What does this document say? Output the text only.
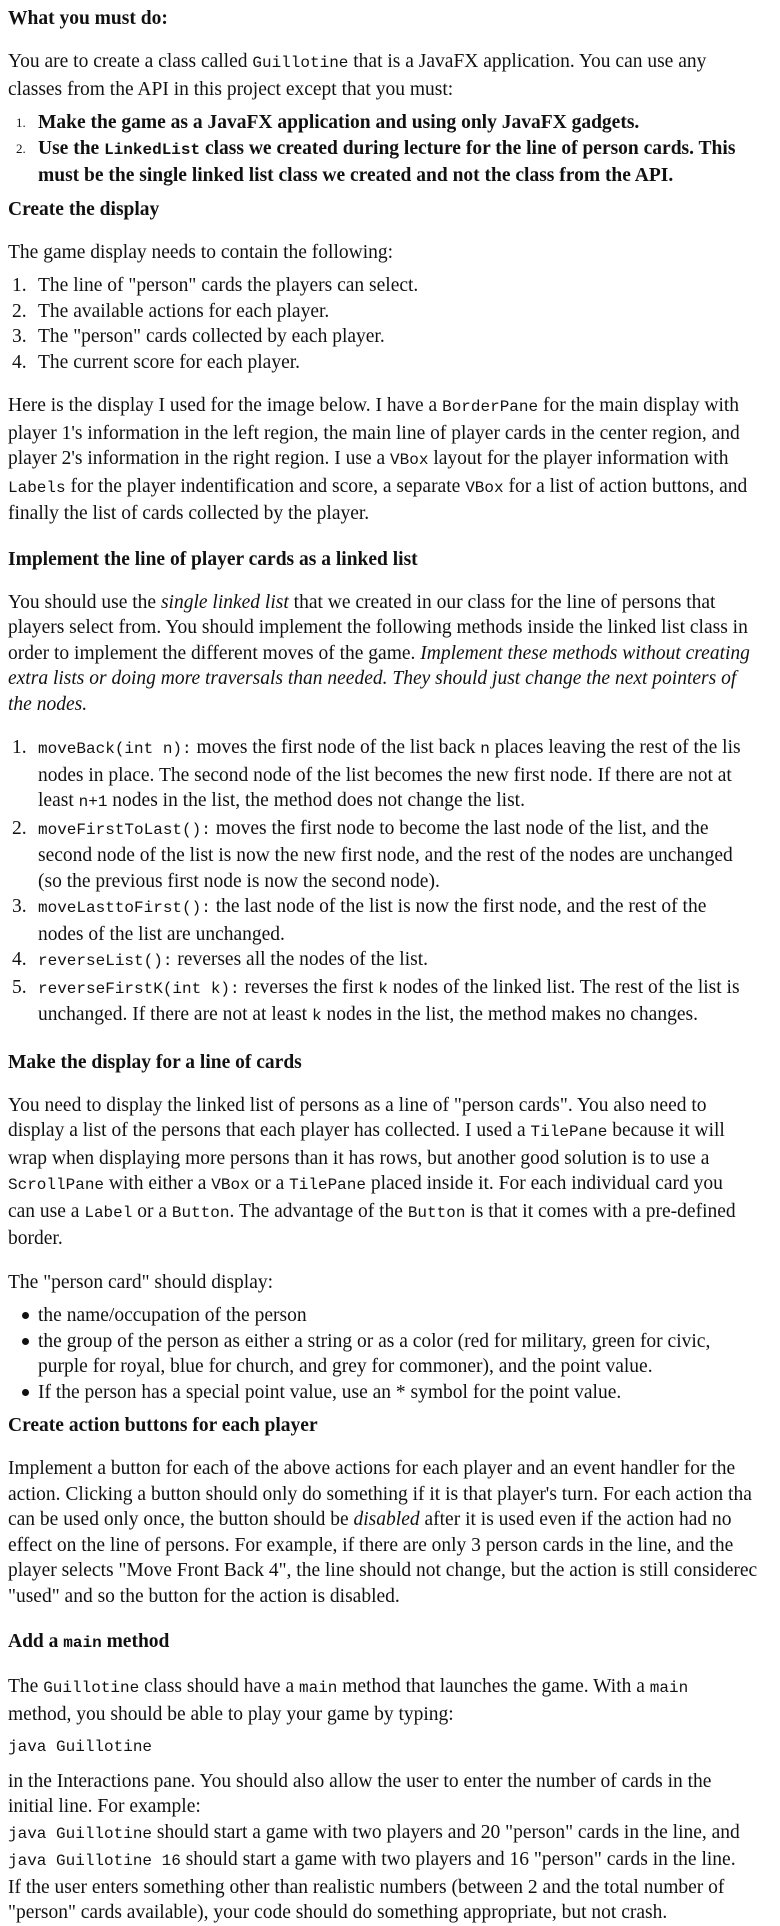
What you must do:

You are to create a class called Guillotine that is a JavaFX application. You can use any
classes from the API in this project except that you must:

1. Make the game as a JavaFX application and using only JavaFX gadgets.
2. Use the LinkedList class we created during lecture for the line of person cards. This
must be the single linked list class we created and not the class from the API.
Create the display

The game display needs to contain the following:

1. The line of "person" cards the players can select.
2. The available actions for each player.
3. The "person" cards collected by each player.
4. The current score for each player.

Here is the display I used for the image below. I have a BorderPane for the main display with
player 1's information in the left region, the main line of player cards in the center region, and
player 2's information in the right region. I use a VBox layout for the player information with
Labels for the player indentification and score, a separate VBox for a list of action buttons, and
finally the list of cards collected by the player.

Implement the line of player cards as a linked list

You should use the single linked list that we created in our class for the line of persons that
players select from. You should implement the following methods inside the linked list class in
order to implement the different moves of the game. Implement these methods without creating
extra lists or doing more traversals than needed. They should just change the next pointers of
the nodes.

1. moveBack(int n): moves the first node of the list back n places leaving the rest of the lis
nodes in place. The second node of the list becomes the new first node. If there are not at
least n+1 nodes in the list, the method does not change the list.
2. moveFirstToLast(): moves the first node to become the last node of the list, and the
second node of the list is now the new first node, and the rest of the nodes are unchanged
(so the previous first node is now the second node).
3. moveLasttoFirst(): the last node of the list is now the first node, and the rest of the
nodes of the list are unchanged.
4. reverseList(): reverses all the nodes of the list.
5. reverseFirstK(int k): reverses the first k nodes of the linked list. The rest of the list is
unchanged. If there are not at least k nodes in the list, the method makes no changes.
Make the display for a line of cards

You need to display the linked list of persons as a line of "person cards". You also need to
display a list of the persons that each player has collected. I used a TilePane because it will
wrap when displaying more persons than it has rows, but another good solution is to use a
ScrollPane with either a VBox or a TilePane placed inside it. For each individual card you
can use a Label or a Button. The advantage of the Button is that it comes with a pre-defined
border.

The "person card" should display:

the name/occupation of the person
the group of the person as either a string or as a color (red for military, green for civic,
purple for royal, blue for church, and grey for commoner), and the point value.
If the person has a special point value, use an * symbol for the point value.
Create action buttons for each player

Implement a button for each of the above actions for each player and an event handler for the
action. Clicking a button should only do something if it is that player's turn. For each action tha
can be used only once, the button should be disabled after it is used even if the action had no
effect on the line of persons. For example, if there are only 3 person cards in the line, and the
player selects "Move Front Back 4", the line should not change, but the action is still considerec
"used" and so the button for the action is disabled.

Add a main method

The Guillotine class should have a main method that launches the game. With a main
method, you should be able to play your game by typing:

java Guillotine

in the Interactions pane. You should also allow the user to enter the number of cards in the
initial line. For example:
java Guillotine should start a game with two players and 20 "person" cards in the line, and
java Guillotine 16 should start a game with two players and 16 "person" cards in the line.
If the user enters something other than realistic numbers (between 2 and the total number of
"person" cards available), your code should do something appropriate, but not crash.
